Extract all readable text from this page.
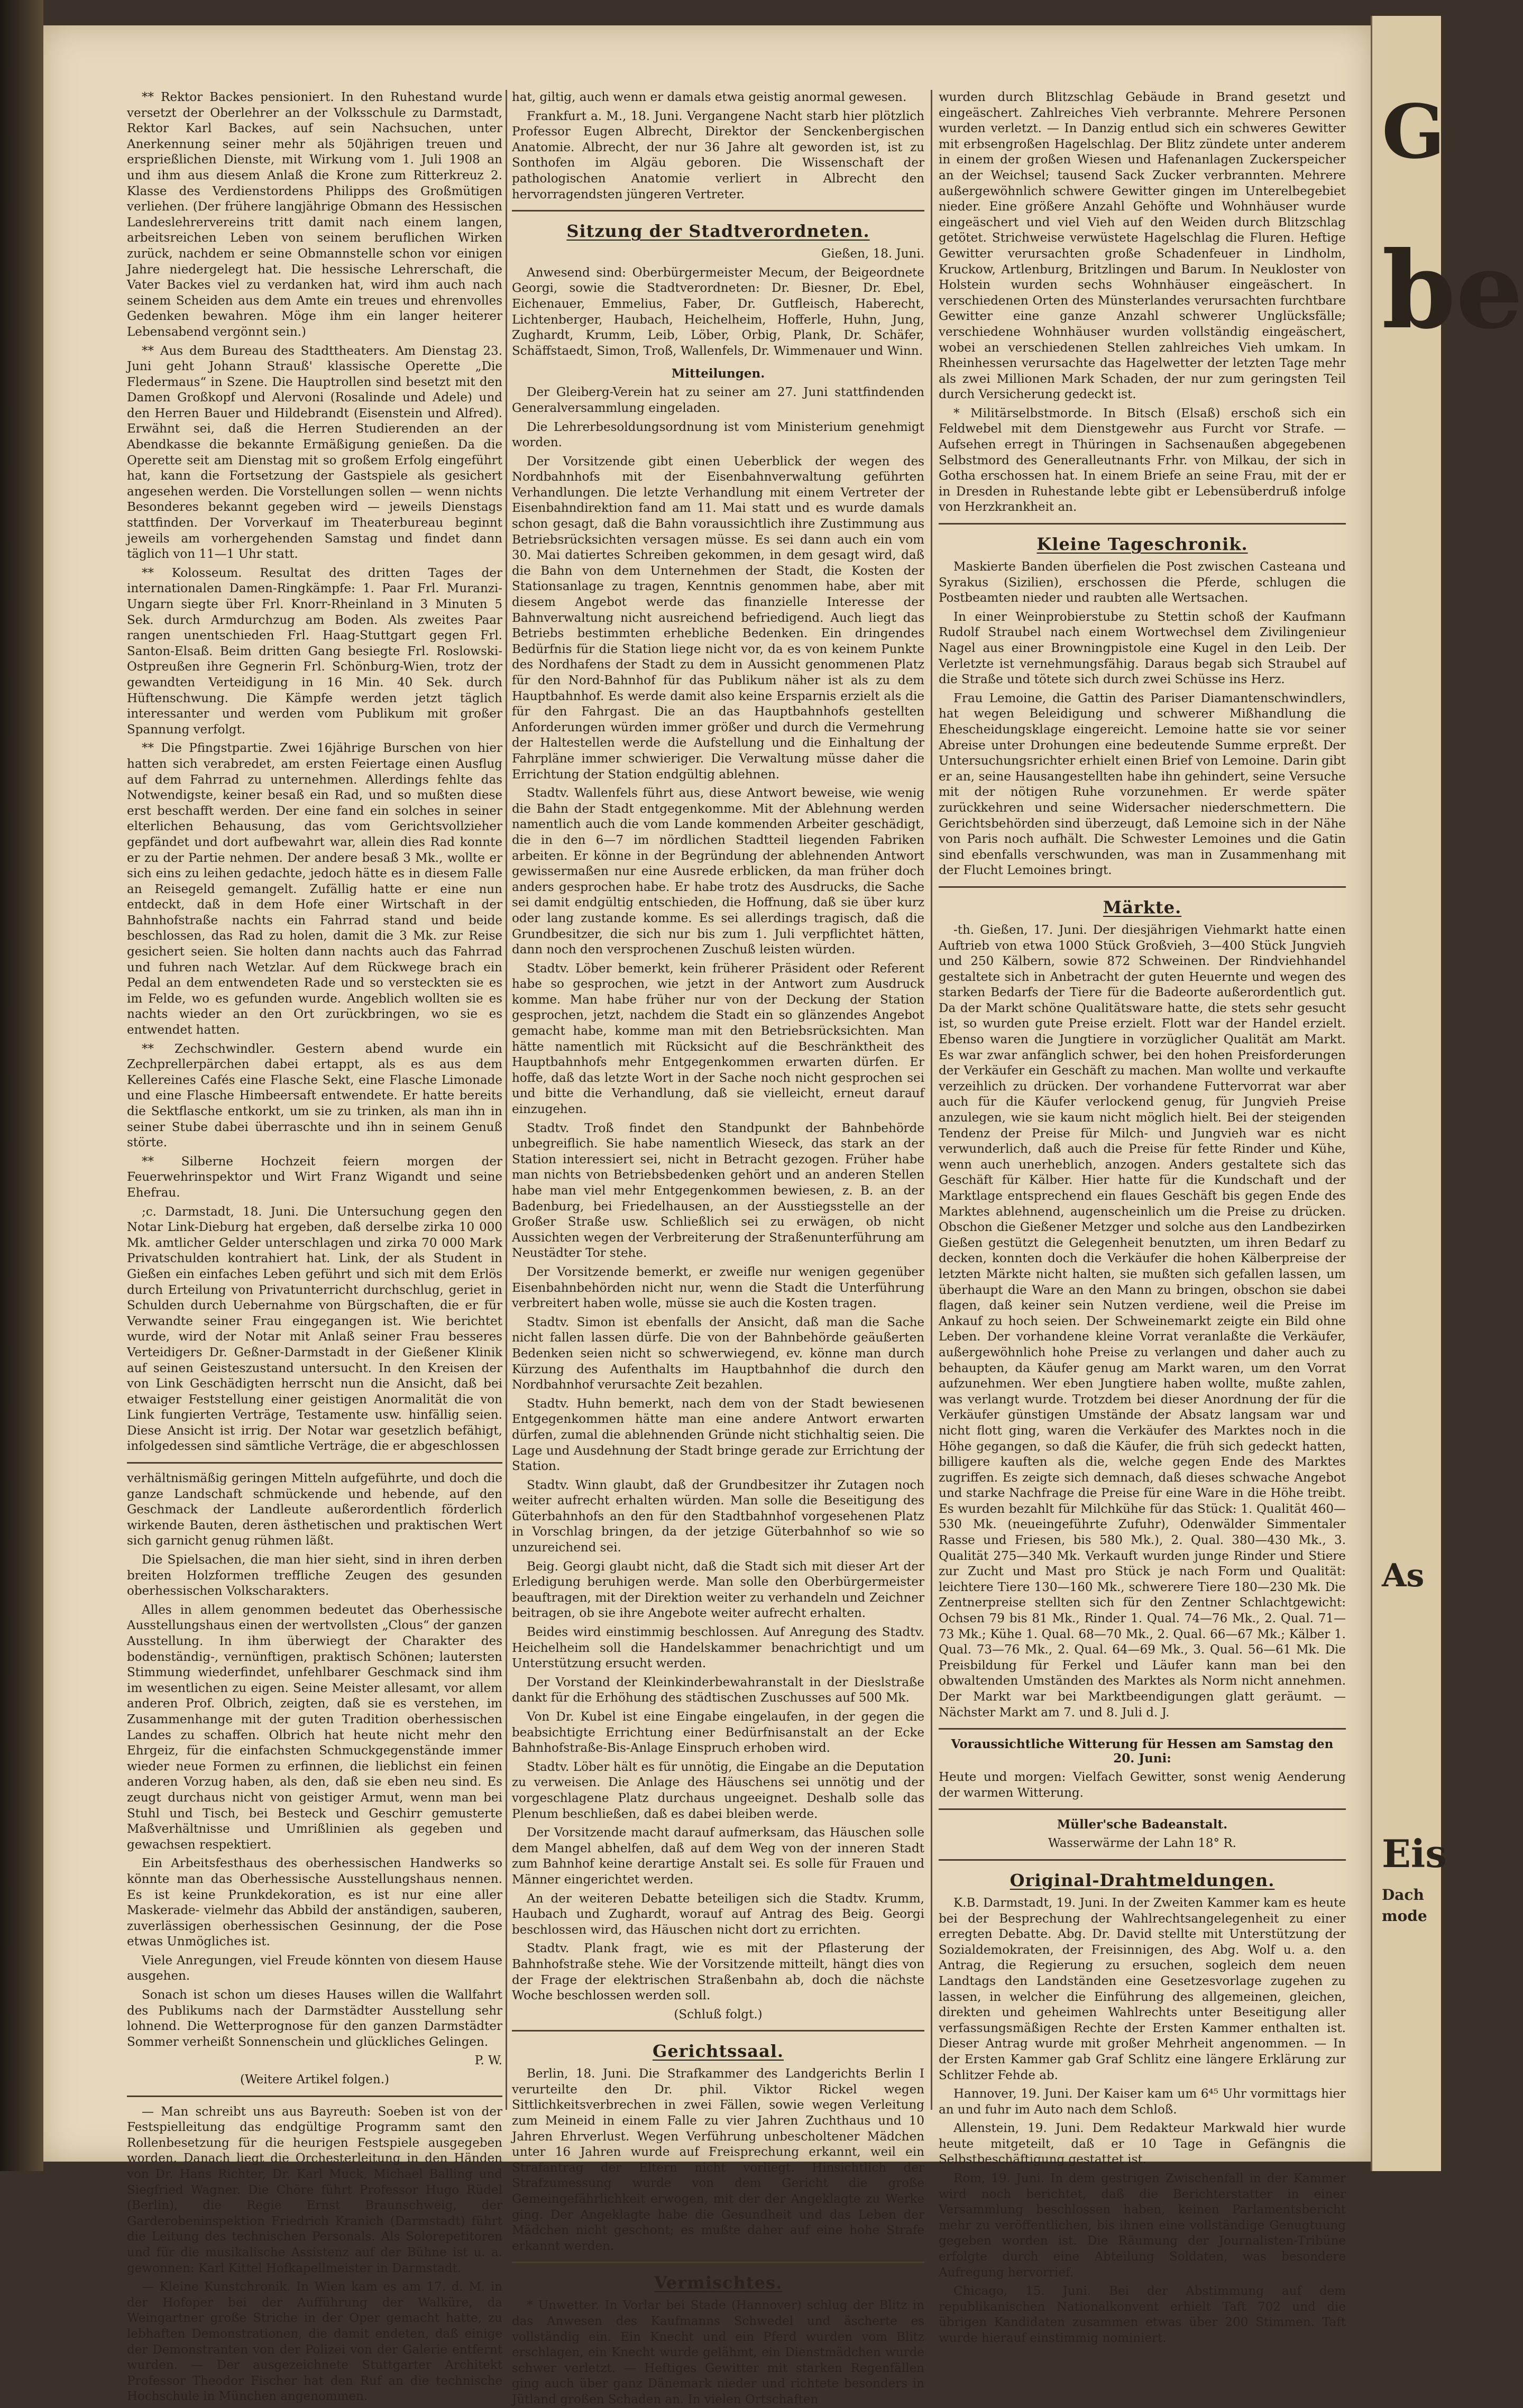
G
be
As
Eis
Dach
mode

** Rektor Backes pensioniert. In den Ruhestand wurde versetzt der Oberlehrer an der Volksschule zu Darmstadt, Rektor Karl Backes, auf sein Nachsuchen, unter Anerkennung seiner mehr als 50jährigen treuen und ersprießlichen Dienste, mit Wirkung vom 1. Juli 1908 an und ihm aus diesem Anlaß die Krone zum Ritterkreuz 2. Klasse des Verdienstordens Philipps des Großmütigen verliehen. (Der frühere langjährige Obmann des Hessischen Landeslehrervereins tritt damit nach einem langen, arbeitsreichen Leben von seinem beruflichen Wirken zurück, nachdem er seine Obmannstelle schon vor einigen Jahre niedergelegt hat. Die hessische Lehrerschaft, die Vater Backes viel zu verdanken hat, wird ihm auch nach seinem Scheiden aus dem Amte ein treues und ehrenvolles Gedenken bewahren. Möge ihm ein langer heiterer Lebensabend vergönnt sein.)

** Aus dem Bureau des Stadttheaters. Am Dienstag 23. Juni geht Johann Strauß' klassische Operette „Die Fledermaus“ in Szene. Die Hauptrollen sind besetzt mit den Damen Großkopf und Alervoni (Rosalinde und Adele) und den Herren Bauer und Hildebrandt (Eisenstein und Alfred). Erwähnt sei, daß die Herren Studierenden an der Abendkasse die bekannte Ermäßigung genießen. Da die Operette seit am Dienstag mit so großem Erfolg eingeführt hat, kann die Fortsetzung der Gastspiele als gesichert angesehen werden. Die Vorstellungen sollen — wenn nichts Besonderes bekannt gegeben wird — jeweils Dienstags stattfinden. Der Vorverkauf im Theaterbureau beginnt jeweils am vorhergehenden Samstag und findet dann täglich von 11—1 Uhr statt.

** Kolosseum. Resultat des dritten Tages der internationalen Damen-Ringkämpfe: 1. Paar Frl. Muranzi-Ungarn siegte über Frl. Knorr-Rheinland in 3 Minuten 5 Sek. durch Armdurchzug am Boden. Als zweites Paar rangen unentschieden Frl. Haag-Stuttgart gegen Frl. Santon-Elsaß. Beim dritten Gang besiegte Frl. Roslowski-Ostpreußen ihre Gegnerin Frl. Schönburg-Wien, trotz der gewandten Verteidigung in 16 Min. 40 Sek. durch Hüftenschwung. Die Kämpfe werden jetzt täglich interessanter und werden vom Publikum mit großer Spannung verfolgt.

** Die Pfingstpartie. Zwei 16jährige Burschen von hier hatten sich verabredet, am ersten Feiertage einen Ausflug auf dem Fahrrad zu unternehmen. Allerdings fehlte das Notwendigste, keiner besaß ein Rad, und so mußten diese erst beschafft werden. Der eine fand ein solches in seiner elterlichen Behausung, das vom Gerichtsvollzieher gepfändet und dort aufbewahrt war, allein dies Rad konnte er zu der Partie nehmen. Der andere besaß 3 Mk., wollte er sich eins zu leihen gedachte, jedoch hätte es in diesem Falle an Reisegeld gemangelt. Zufällig hatte er eine nun entdeckt, daß in dem Hofe einer Wirtschaft in der Bahnhofstraße nachts ein Fahrrad stand und beide beschlossen, das Rad zu holen, damit die 3 Mk. zur Reise gesichert seien. Sie holten dann nachts auch das Fahrrad und fuhren nach Wetzlar. Auf dem Rückwege brach ein Pedal an dem entwendeten Rade und so versteckten sie es im Felde, wo es gefunden wurde. Angeblich wollten sie es nachts wieder an den Ort zurückbringen, wo sie es entwendet hatten.

** Zechschwindler. Gestern abend wurde ein Zechprellerpärchen dabei ertappt, als es aus dem Kellereines Cafés eine Flasche Sekt, eine Flasche Limonade und eine Flasche Himbeersaft entwendete. Er hatte bereits die Sektflasche entkorkt, um sie zu trinken, als man ihn in seiner Stube dabei überraschte und ihn in seinem Genuß störte.

** Silberne Hochzeit feiern morgen der Feuerwehrinspektor und Wirt Franz Wigandt und seine Ehefrau.

;c. Darmstadt, 18. Juni. Die Untersuchung gegen den Notar Link-Dieburg hat ergeben, daß derselbe zirka 10 000 Mk. amtlicher Gelder unterschlagen und zirka 70 000 Mark Privatschulden kontrahiert hat. Link, der als Student in Gießen ein einfaches Leben geführt und sich mit dem Erlös durch Erteilung von Privatunterricht durchschlug, geriet in Schulden durch Uebernahme von Bürgschaften, die er für Verwandte seiner Frau eingegangen ist. Wie berichtet wurde, wird der Notar mit Anlaß seiner Frau besseres Verteidigers Dr. Geßner-Darmstadt in der Gießener Klinik auf seinen Geisteszustand untersucht. In den Kreisen der von Link Geschädigten herrscht nun die Ansicht, daß bei etwaiger Feststellung einer geistigen Anormalität die von Link fungierten Verträge, Testamente usw. hinfällig seien. Diese Ansicht ist irrig. Der Notar war gesetzlich befähigt, infolgedessen sind sämtliche Verträge, die er abgeschlossen

verhältnismäßig geringen Mitteln aufgeführte, und doch die ganze Landschaft schmückende und hebende, auf den Geschmack der Landleute außerordentlich förderlich wirkende Bauten, deren ästhetischen und praktischen Wert sich garnicht genug rühmen läßt.

Die Spielsachen, die man hier sieht, sind in ihren derben breiten Holzformen treffliche Zeugen des gesunden oberhessischen Volkscharakters.

Alles in allem genommen bedeutet das Oberhessische Ausstellungshaus einen der wertvollsten „Clous“ der ganzen Ausstellung. In ihm überwiegt der Charakter des bodenständig-, vernünftigen, praktisch Schönen; lautersten Stimmung wiederfindet, unfehlbarer Geschmack sind ihm im wesentlichen zu eigen. Seine Meister allesamt, vor allem anderen Prof. Olbrich, zeigten, daß sie es verstehen, im Zusammenhange mit der guten Tradition oberhessischen Landes zu schaffen. Olbrich hat heute nicht mehr den Ehrgeiz, für die einfachsten Schmuckgegenstände immer wieder neue Formen zu erfinnen, die lieblichst ein feinen anderen Vorzug haben, als den, daß sie eben neu sind. Es zeugt durchaus nicht von geistiger Armut, wenn man bei Stuhl und Tisch, bei Besteck und Geschirr gemusterte Maßverhältnisse und Umrißlinien als gegeben und gewachsen respektiert.

Ein Arbeitsfesthaus des oberhessischen Handwerks so könnte man das Oberhessische Ausstellungshaus nennen. Es ist keine Prunkdekoration, es ist nur eine aller Maskerade- vielmehr das Abbild der anständigen, sauberen, zuverlässigen oberhessischen Gesinnung, der die Pose etwas Unmögliches ist.

Viele Anregungen, viel Freude könnten von diesem Hause ausgehen.

Sonach ist schon um dieses Hauses willen die Wallfahrt des Publikums nach der Darmstädter Ausstellung sehr lohnend. Die Wetterprognose für den ganzen Darmstädter Sommer verheißt Sonnenschein und glückliches Gelingen.

P. W.

(Weitere Artikel folgen.)

— Man schreibt uns aus Bayreuth: Soeben ist von der Festspielleitung das endgültige Programm samt den Rollenbesetzung für die heurigen Festspiele ausgegeben worden. Danach liegt die Orchesterleitung in den Händen von Dr. Hans Richter, Dr. Karl Muck, Michael Balling und Siegfried Wagner. Die Chöre führt Professor Hugo Rüdel (Berlin), die Regie Ernst Braunschweig, der Garderobeninspektion Friedrich Kranich (Darmstadt) führt die Leitung des technischen Personals. Als Solorepetitoren und für die musikalische Assistenz auf der Bühne ist u. a. gewonnen: Karl Kittel Hofkapellmeister in Darmstadt.

— Kleine Kunstchronik. In Wien kam es am 17. d. M. in der Hofoper bei der Aufführung der Walküre, da Weingartner große Striche in der Oper gemacht hatte, zu lebhaften Demonstrationen, die damit endeten, daß einige der Demonstranten von der Polizei von der Galerie entfernt wurden. — Der ausgezeichnete Stuttgarter Architekt Professor Theodor Fischer hat den Ruf an die technische Hochschule in München angenommen.

hat, giltig, auch wenn er damals etwa geistig anormal gewesen.

Frankfurt a. M., 18. Juni. Vergangene Nacht starb hier plötzlich Professor Eugen Albrecht, Direktor der Senckenbergischen Anatomie. Albrecht, der nur 36 Jahre alt geworden ist, ist zu Sonthofen im Algäu geboren. Die Wissenschaft der pathologischen Anatomie verliert in Albrecht den hervorragendsten jüngeren Vertreter.

Sitzung der Stadtverordneten.

Gießen, 18. Juni.

Anwesend sind: Oberbürgermeister Mecum, der Beigeordnete Georgi, sowie die Stadtverordneten: Dr. Biesner, Dr. Ebel, Eichenauer, Emmelius, Faber, Dr. Gutfleisch, Haberecht, Lichtenberger, Haubach, Heichelheim, Hofferle, Huhn, Jung, Zughardt, Krumm, Leib, Löber, Orbig, Plank, Dr. Schäfer, Schäffstaedt, Simon, Troß, Wallenfels, Dr. Wimmenauer und Winn.

Mitteilungen.

Der Gleiberg-Verein hat zu seiner am 27. Juni stattfindenden Generalversammlung eingeladen.

Die Lehrerbesoldungsordnung ist vom Ministerium genehmigt worden.

Der Vorsitzende gibt einen Ueberblick der wegen des Nordbahnhofs mit der Eisenbahnverwaltung geführten Verhandlungen. Die letzte Verhandlung mit einem Vertreter der Eisenbahndirektion fand am 11. Mai statt und es wurde damals schon gesagt, daß die Bahn voraussichtlich ihre Zustimmung aus Betriebsrücksichten versagen müsse. Es sei dann auch ein vom 30. Mai datiertes Schreiben gekommen, in dem gesagt wird, daß die Bahn von dem Unternehmen der Stadt, die Kosten der Stationsanlage zu tragen, Kenntnis genommen habe, aber mit diesem Angebot werde das finanzielle Interesse der Bahnverwaltung nicht ausreichend befriedigend. Auch liegt das Betriebs bestimmten erhebliche Bedenken. Ein dringendes Bedürfnis für die Station liege nicht vor, da es von keinem Punkte des Nordhafens der Stadt zu dem in Aussicht genommenen Platz für den Nord-Bahnhof für das Publikum näher ist als zu dem Hauptbahnhof. Es werde damit also keine Ersparnis erzielt als die für den Fahrgast. Die an das Hauptbahnhofs gestellten Anforderungen würden immer größer und durch die Vermehrung der Haltestellen werde die Aufstellung und die Einhaltung der Fahrpläne immer schwieriger. Die Verwaltung müsse daher die Errichtung der Station endgültig ablehnen.

Stadtv. Wallenfels führt aus, diese Antwort beweise, wie wenig die Bahn der Stadt entgegenkomme. Mit der Ablehnung werden namentlich auch die vom Lande kommenden Arbeiter geschädigt, die in den 6—7 im nördlichen Stadtteil liegenden Fabriken arbeiten. Er könne in der Begründung der ablehnenden Antwort gewissermaßen nur eine Ausrede erblicken, da man früher doch anders gesprochen habe. Er habe trotz des Ausdrucks, die Sache sei damit endgültig entschieden, die Hoffnung, daß sie über kurz oder lang zustande komme. Es sei allerdings tragisch, daß die Grundbesitzer, die sich nur bis zum 1. Juli verpflichtet hätten, dann noch den versprochenen Zuschuß leisten würden.

Stadtv. Löber bemerkt, kein früherer Präsident oder Referent habe so gesprochen, wie jetzt in der Antwort zum Ausdruck komme. Man habe früher nur von der Deckung der Station gesprochen, jetzt, nachdem die Stadt ein so glänzendes Angebot gemacht habe, komme man mit den Betriebsrücksichten. Man hätte namentlich mit Rücksicht auf die Beschränktheit des Hauptbahnhofs mehr Entgegenkommen erwarten dürfen. Er hoffe, daß das letzte Wort in der Sache noch nicht gesprochen sei und bitte die Verhandlung, daß sie vielleicht, erneut darauf einzugehen.

Stadtv. Troß findet den Standpunkt der Bahnbehörde unbegreiflich. Sie habe namentlich Wieseck, das stark an der Station interessiert sei, nicht in Betracht gezogen. Früher habe man nichts von Betriebsbedenken gehört und an anderen Stellen habe man viel mehr Entgegenkommen bewiesen, z. B. an der Badenburg, bei Friedelhausen, an der Ausstiegsstelle an der Großer Straße usw. Schließlich sei zu erwägen, ob nicht Aussichten wegen der Verbreiterung der Straßenunterführung am Neustädter Tor stehe.

Der Vorsitzende bemerkt, er zweifle nur wenigen gegenüber Eisenbahnbehörden nicht nur, wenn die Stadt die Unterführung verbreitert haben wolle, müsse sie auch die Kosten tragen.

Stadtv. Simon ist ebenfalls der Ansicht, daß man die Sache nicht fallen lassen dürfe. Die von der Bahnbehörde geäußerten Bedenken seien nicht so schwerwiegend, ev. könne man durch Kürzung des Aufenthalts im Hauptbahnhof die durch den Nordbahnhof verursachte Zeit bezahlen.

Stadtv. Huhn bemerkt, nach dem von der Stadt bewiesenen Entgegenkommen hätte man eine andere Antwort erwarten dürfen, zumal die ablehnenden Gründe nicht stichhaltig seien. Die Lage und Ausdehnung der Stadt bringe gerade zur Errichtung der Station.

Stadtv. Winn glaubt, daß der Grundbesitzer ihr Zutagen noch weiter aufrecht erhalten würden. Man solle die Beseitigung des Güterbahnhofs an den für den Stadtbahnhof vorgesehenen Platz in Vorschlag bringen, da der jetzige Güterbahnhof so wie so unzureichend sei.

Beig. Georgi glaubt nicht, daß die Stadt sich mit dieser Art der Erledigung beruhigen werde. Man solle den Oberbürgermeister beauftragen, mit der Direktion weiter zu verhandeln und Zeichner beitragen, ob sie ihre Angebote weiter aufrecht erhalten.

Beides wird einstimmig beschlossen. Auf Anregung des Stadtv. Heichelheim soll die Handelskammer benachrichtigt und um Unterstützung ersucht werden.

Der Vorstand der Kleinkinderbewahranstalt in der Dieslstraße dankt für die Erhöhung des städtischen Zuschusses auf 500 Mk.

Von Dr. Kubel ist eine Eingabe eingelaufen, in der gegen die beabsichtigte Errichtung einer Bedürfnisanstalt an der Ecke Bahnhofstraße-Bis-Anlage Einspruch erhoben wird.

Stadtv. Löber hält es für unnötig, die Eingabe an die Deputation zu verweisen. Die Anlage des Häuschens sei unnötig und der vorgeschlagene Platz durchaus ungeeignet. Deshalb solle das Plenum beschließen, daß es dabei bleiben werde.

Der Vorsitzende macht darauf aufmerksam, das Häuschen solle dem Mangel abhelfen, daß auf dem Weg von der inneren Stadt zum Bahnhof keine derartige Anstalt sei. Es solle für Frauen und Männer eingerichtet werden.

An der weiteren Debatte beteiligen sich die Stadtv. Krumm, Haubach und Zughardt, worauf auf Antrag des Beig. Georgi beschlossen wird, das Häuschen nicht dort zu errichten.

Stadtv. Plank fragt, wie es mit der Pflasterung der Bahnhofstraße stehe. Wie der Vorsitzende mitteilt, hängt dies von der Frage der elektrischen Straßenbahn ab, doch die nächste Woche beschlossen werden soll.

(Schluß folgt.)

Gerichtssaal.

Berlin, 18. Juni. Die Strafkammer des Landgerichts Berlin I verurteilte den Dr. phil. Viktor Rickel wegen Sittlichkeitsverbrechen in zwei Fällen, sowie wegen Verleitung zum Meineid in einem Falle zu vier Jahren Zuchthaus und 10 Jahren Ehrverlust. Wegen Verführung unbescholtener Mädchen unter 16 Jahren wurde auf Freisprechung erkannt, weil ein Strafantrag der Eltern nicht vorliegt. Hinsichtlich der Strafzumessung wurde von dem Gericht die große Gemeingefährlichkeit erwogen, mit der der Angeklagte zu Werke ging. Der Angeklagte habe die Gesundheit und das Leben der Mädchen nicht geschont; es mußte daher auf eine hohe Strafe erkannt werden.

Vermischtes.

* Unwetter. In Vorlar bei Stade (Hannover) schlug der Blitz in das Anwesen des Kaufmanns Schwedel und äscherte es vollständig ein. Ein Knecht und ein Pferd wurden vom Blitz erschlagen, ein Knecht wurde gelähmt, ein Dienstmädchen wurde schwer verletzt. — Heftiges Gewitter mit starken Regenfällen ging auch über ganz Dänemark nieder und richtete besonders in Jütland großen Schaden an. In vielen Ortschaften

wurden durch Blitzschlag Gebäude in Brand gesetzt und eingeäschert. Zahlreiches Vieh verbrannte. Mehrere Personen wurden verletzt. — In Danzig entlud sich ein schweres Gewitter mit erbsengroßen Hagelschlag. Der Blitz zündete unter anderem in einem der großen Wiesen und Hafenanlagen Zuckerspeicher an der Weichsel; tausend Sack Zucker verbrannten. Mehrere außergewöhnlich schwere Gewitter gingen im Unterelbegebiet nieder. Eine größere Anzahl Gehöfte und Wohnhäuser wurde eingeäschert und viel Vieh auf den Weiden durch Blitzschlag getötet. Strichweise verwüstete Hagelschlag die Fluren. Heftige Gewitter verursachten große Schadenfeuer in Lindholm, Kruckow, Artlenburg, Britzlingen und Barum. In Neukloster von Holstein wurden sechs Wohnhäuser eingeäschert. In verschiedenen Orten des Münsterlandes verursachten furchtbare Gewitter eine ganze Anzahl schwerer Unglücksfälle; verschiedene Wohnhäuser wurden vollständig eingeäschert, wobei an verschiedenen Stellen zahlreiches Vieh umkam. In Rheinhessen verursachte das Hagelwetter der letzten Tage mehr als zwei Millionen Mark Schaden, der nur zum geringsten Teil durch Versicherung gedeckt ist.

* Militärselbstmorde. In Bitsch (Elsaß) erschoß sich ein Feldwebel mit dem Dienstgewehr aus Furcht vor Strafe. — Aufsehen erregt in Thüringen in Sachsenaußen abgegebenen Selbstmord des Generalleutnants Frhr. von Milkau, der sich in Gotha erschossen hat. In einem Briefe an seine Frau, mit der er in Dresden in Ruhestande lebte gibt er Lebensüberdruß infolge von Herzkrankheit an.

Kleine Tageschronik.

Maskierte Banden überfielen die Post zwischen Casteana und Syrakus (Sizilien), erschossen die Pferde, schlugen die Postbeamten nieder und raubten alle Wertsachen.

In einer Weinprobierstube zu Stettin schoß der Kaufmann Rudolf Straubel nach einem Wortwechsel dem Zivilingenieur Nagel aus einer Browningpistole eine Kugel in den Leib. Der Verletzte ist vernehmungsfähig. Daraus begab sich Straubel auf die Straße und tötete sich durch zwei Schüsse ins Herz.

Frau Lemoine, die Gattin des Pariser Diamantenschwindlers, hat wegen Beleidigung und schwerer Mißhandlung die Ehescheidungsklage eingereicht. Lemoine hatte sie vor seiner Abreise unter Drohungen eine bedeutende Summe erpreßt. Der Untersuchungsrichter erhielt einen Brief von Lemoine. Darin gibt er an, seine Hausangestellten habe ihn gehindert, seine Versuche mit der nötigen Ruhe vorzunehmen. Er werde später zurückkehren und seine Widersacher niederschmettern. Die Gerichtsbehörden sind überzeugt, daß Lemoine sich in der Nähe von Paris noch aufhält. Die Schwester Lemoines und die Gatin sind ebenfalls verschwunden, was man in Zusammenhang mit der Flucht Lemoines bringt.

Märkte.

-th. Gießen, 17. Juni. Der diesjährigen Viehmarkt hatte einen Auftrieb von etwa 1000 Stück Großvieh, 3—400 Stück Jungvieh und 250 Kälbern, sowie 872 Schweinen. Der Rindviehhandel gestaltete sich in Anbetracht der guten Heuernte und wegen des starken Bedarfs der Tiere für die Badeorte außerordentlich gut. Da der Markt schöne Qualitätsware hatte, die stets sehr gesucht ist, so wurden gute Preise erzielt. Flott war der Handel erzielt. Ebenso waren die Jungtiere in vorzüglicher Qualität am Markt. Es war zwar anfänglich schwer, bei den hohen Preisforderungen der Verkäufer ein Geschäft zu machen. Man wollte und verkaufte verzeihlich zu drücken. Der vorhandene Futtervorrat war aber auch für die Käufer verlockend genug, für Jungvieh Preise anzulegen, wie sie kaum nicht möglich hielt. Bei der steigenden Tendenz der Preise für Milch- und Jungvieh war es nicht verwunderlich, daß auch die Preise für fette Rinder und Kühe, wenn auch unerheblich, anzogen. Anders gestaltete sich das Geschäft für Kälber. Hier hatte für die Kundschaft und der Marktlage entsprechend ein flaues Geschäft bis gegen Ende des Marktes ablehnend, augenscheinlich um die Preise zu drücken. Obschon die Gießener Metzger und solche aus den Landbezirken Gießen gestützt die Gelegenheit benutzten, um ihren Bedarf zu decken, konnten doch die Verkäufer die hohen Kälberpreise der letzten Märkte nicht halten, sie mußten sich gefallen lassen, um überhaupt die Ware an den Mann zu bringen, obschon sie dabei flagen, daß keiner sein Nutzen verdiene, weil die Preise im Ankauf zu hoch seien. Der Schweinemarkt zeigte ein Bild ohne Leben. Der vorhandene kleine Vorrat veranlaßte die Verkäufer, außergewöhnlich hohe Preise zu verlangen und daher auch zu behaupten, da Käufer genug am Markt waren, um den Vorrat aufzunehmen. Wer eben Jungtiere haben wollte, mußte zahlen, was verlangt wurde. Trotzdem bei dieser Anordnung der für die Verkäufer günstigen Umstände der Absatz langsam war und nicht flott ging, waren die Verkäufer des Marktes noch in die Höhe gegangen, so daß die Käufer, die früh sich gedeckt hatten, billigere kauften als die, welche gegen Ende des Marktes zugriffen. Es zeigte sich demnach, daß dieses schwache Angebot und starke Nachfrage die Preise für eine Ware in die Höhe treibt. Es wurden bezahlt für Milchkühe für das Stück: 1. Qualität 460—530 Mk. (neueingeführte Zufuhr), Odenwälder Simmentaler Rasse und Friesen, bis 580 Mk.), 2. Qual. 380—430 Mk., 3. Qualität 275—340 Mk. Verkauft wurden junge Rinder und Stiere zur Zucht und Mast pro Stück je nach Form und Qualität: leichtere Tiere 130—160 Mk., schwerere Tiere 180—230 Mk. Die Zentnerpreise stellten sich für den Zentner Schlachtgewicht: Ochsen 79 bis 81 Mk., Rinder 1. Qual. 74—76 Mk., 2. Qual. 71—73 Mk.; Kühe 1. Qual. 68—70 Mk., 2. Qual. 66—67 Mk.; Kälber 1. Qual. 73—76 Mk., 2. Qual. 64—69 Mk., 3. Qual. 56—61 Mk. Die Preisbildung für Ferkel und Läufer kann man bei den obwaltenden Umständen des Marktes als Norm nicht annehmen. Der Markt war bei Marktbeendigungen glatt geräumt. — Nächster Markt am 7. und 8. Juli d. J.

Voraussichtliche Witterung für Hessen am Samstag den 20. Juni:

Heute und morgen: Vielfach Gewitter, sonst wenig Aenderung der warmen Witterung.

Müller'sche Badeanstalt.

Wasserwärme der Lahn 18° R.

Original-Drahtmeldungen.

K.B. Darmstadt, 19. Juni. In der Zweiten Kammer kam es heute bei der Besprechung der Wahlrechtsangelegenheit zu einer erregten Debatte. Abg. Dr. David stellte mit Unterstützung der Sozialdemokraten, der Freisinnigen, des Abg. Wolf u. a. den Antrag, die Regierung zu ersuchen, sogleich dem neuen Landtags den Landständen eine Gesetzesvorlage zugehen zu lassen, in welcher die Einführung des allgemeinen, gleichen, direkten und geheimen Wahlrechts unter Beseitigung aller verfassungsmäßigen Rechte der Ersten Kammer enthalten ist. Dieser Antrag wurde mit großer Mehrheit angenommen. — In der Ersten Kammer gab Graf Schlitz eine längere Erklärung zur Schlitzer Fehde ab.

Hannover, 19. Juni. Der Kaiser kam um 6⁴⁵ Uhr vormittags hier an und fuhr im Auto nach dem Schloß.

Allenstein, 19. Juni. Dem Redakteur Markwald hier wurde heute mitgeteilt, daß er 10 Tage in Gefängnis die Selbstbeschäftigung gestattet ist.

Rom, 19. Juni. In dem gestrigen Zwischenfall in der Kammer wird noch berichtet, daß die Berichterstatter in einer Versammlung beschlossen haben, keinen Parlamentsbericht mehr zu veröffentlichen, bis ihnen eine vollständige Genugtuung gegeben worden ist. Die Räumung der Journalisten-Tribüne erfolgte durch eine Abteilung Soldaten, was besondere Aufregung hervorrief.

Chicago, 15. Juni. Bei der Abstimmung auf dem republikanischen Nationalkonvent erhielt Taft 702 und die übrigen Kandidaten zusammen etwas über 200 Stimmen. Taft wurde hierauf einstimmig nominiert.
